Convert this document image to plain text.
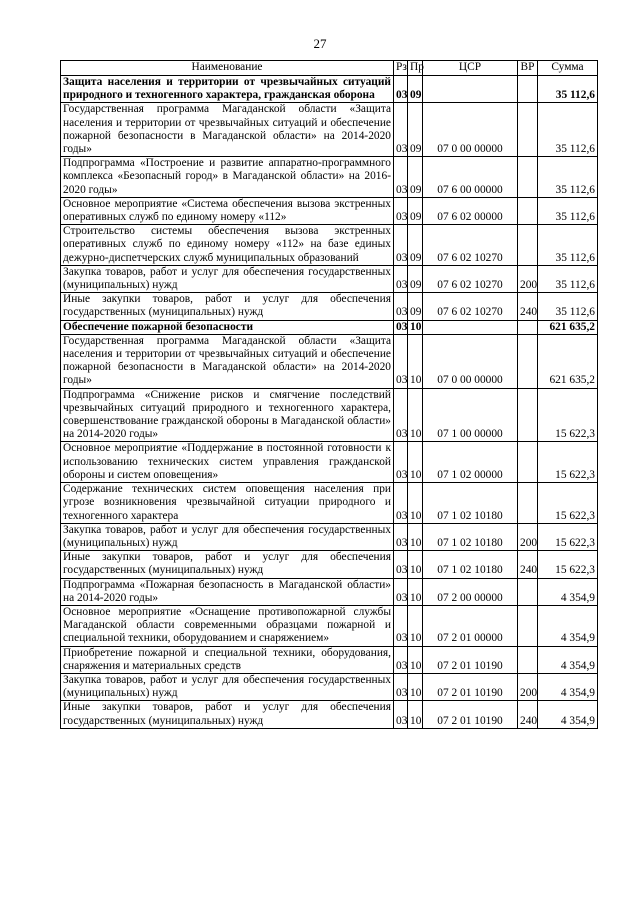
27
Наименование	Рз	Пр	ЦСР	ВР	Сумма
Защита населения и территории от чрезвычайных ситуаций природного и техногенного характера, гражданская оборона	03	09			35 112,6
Государственная программа Магаданской области «Защита населения и территории от чрезвычайных ситуаций и обеспечение пожарной безопасности в Магаданской области» на 2014-2020 годы»	03	09	07 0 00 00000		35 112,6
Подпрограмма «Построение и развитие аппаратно-программного комплекса «Безопасный город» в Магаданской области» на 2016-2020 годы»	03	09	07 6 00 00000		35 112,6
Основное мероприятие «Система обеспечения вызова экстренных оперативных служб по единому номеру «112»	03	09	07 6 02 00000		35 112,6
Строительство системы обеспечения вызова экстренных оперативных служб по единому номеру «112» на базе единых дежурно-диспетчерских служб муниципальных образований	03	09	07 6 02 10270		35 112,6
Закупка товаров, работ и услуг для обеспечения государственных (муниципальных) нужд	03	09	07 6 02 10270	200	35 112,6
Иные закупки товаров, работ и услуг для обеспечения государственных (муниципальных) нужд	03	09	07 6 02 10270	240	35 112,6
Обеспечение пожарной безопасности	03	10			621 635,2
Государственная программа Магаданской области «Защита населения и территории от чрезвычайных ситуаций и обеспечение пожарной безопасности в Магаданской области» на 2014-2020 годы»	03	10	07 0 00 00000		621 635,2
Подпрограмма «Снижение рисков и смягчение последствий чрезвычайных ситуаций природного и техногенного характера, совершенствование гражданской обороны в Магаданской области» на 2014-2020 годы»	03	10	07 1 00 00000		15 622,3
Основное мероприятие «Поддержание в постоянной готовности к использованию технических систем управления гражданской обороны и систем оповещения»	03	10	07 1 02 00000		15 622,3
Содержание технических систем оповещения населения при угрозе возникновения чрезвычайной ситуации природного и техногенного характера	03	10	07 1 02 10180		15 622,3
Закупка товаров, работ и услуг для обеспечения государственных (муниципальных) нужд	03	10	07 1 02 10180	200	15 622,3
Иные закупки товаров, работ и услуг для обеспечения государственных (муниципальных) нужд	03	10	07 1 02 10180	240	15 622,3
Подпрограмма «Пожарная безопасность в Магаданской области» на 2014-2020 годы»	03	10	07 2 00 00000		4 354,9
Основное мероприятие «Оснащение противопожарной службы Магаданской области современными образцами пожарной и специальной техники, оборудованием и снаряжением»	03	10	07 2 01 00000		4 354,9
Приобретение пожарной и специальной техники, оборудования, снаряжения и материальных средств	03	10	07 2 01 10190		4 354,9
Закупка товаров, работ и услуг для обеспечения государственных (муниципальных) нужд	03	10	07 2 01 10190	200	4 354,9
Иные закупки товаров, работ и услуг для обеспечения государственных (муниципальных) нужд	03	10	07 2 01 10190	240	4 354,9
